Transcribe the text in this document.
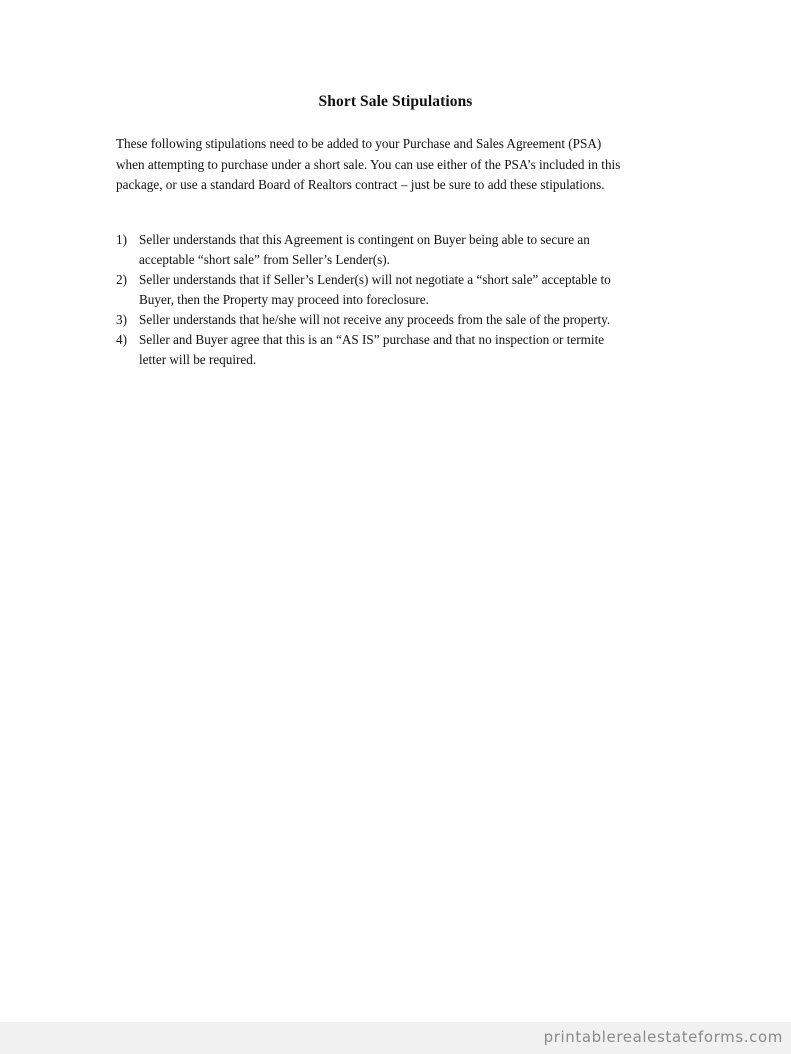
Short Sale Stipulations
These following stipulations need to be added to your Purchase and Sales Agreement (PSA)
when attempting to purchase under a short sale. You can use either of the PSA’s included in this
package, or use a standard Board of Realtors contract – just be sure to add these stipulations.
1) Seller understands that this Agreement is contingent on Buyer being able to secure an
acceptable “short sale” from Seller’s Lender(s).
2) Seller understands that if Seller’s Lender(s) will not negotiate a “short sale” acceptable to
Buyer, then the Property may proceed into foreclosure.
3) Seller understands that he/she will not receive any proceeds from the sale of the property.
4) Seller and Buyer agree that this is an “AS IS” purchase and that no inspection or termite
letter will be required.
printablerealestateforms.com
